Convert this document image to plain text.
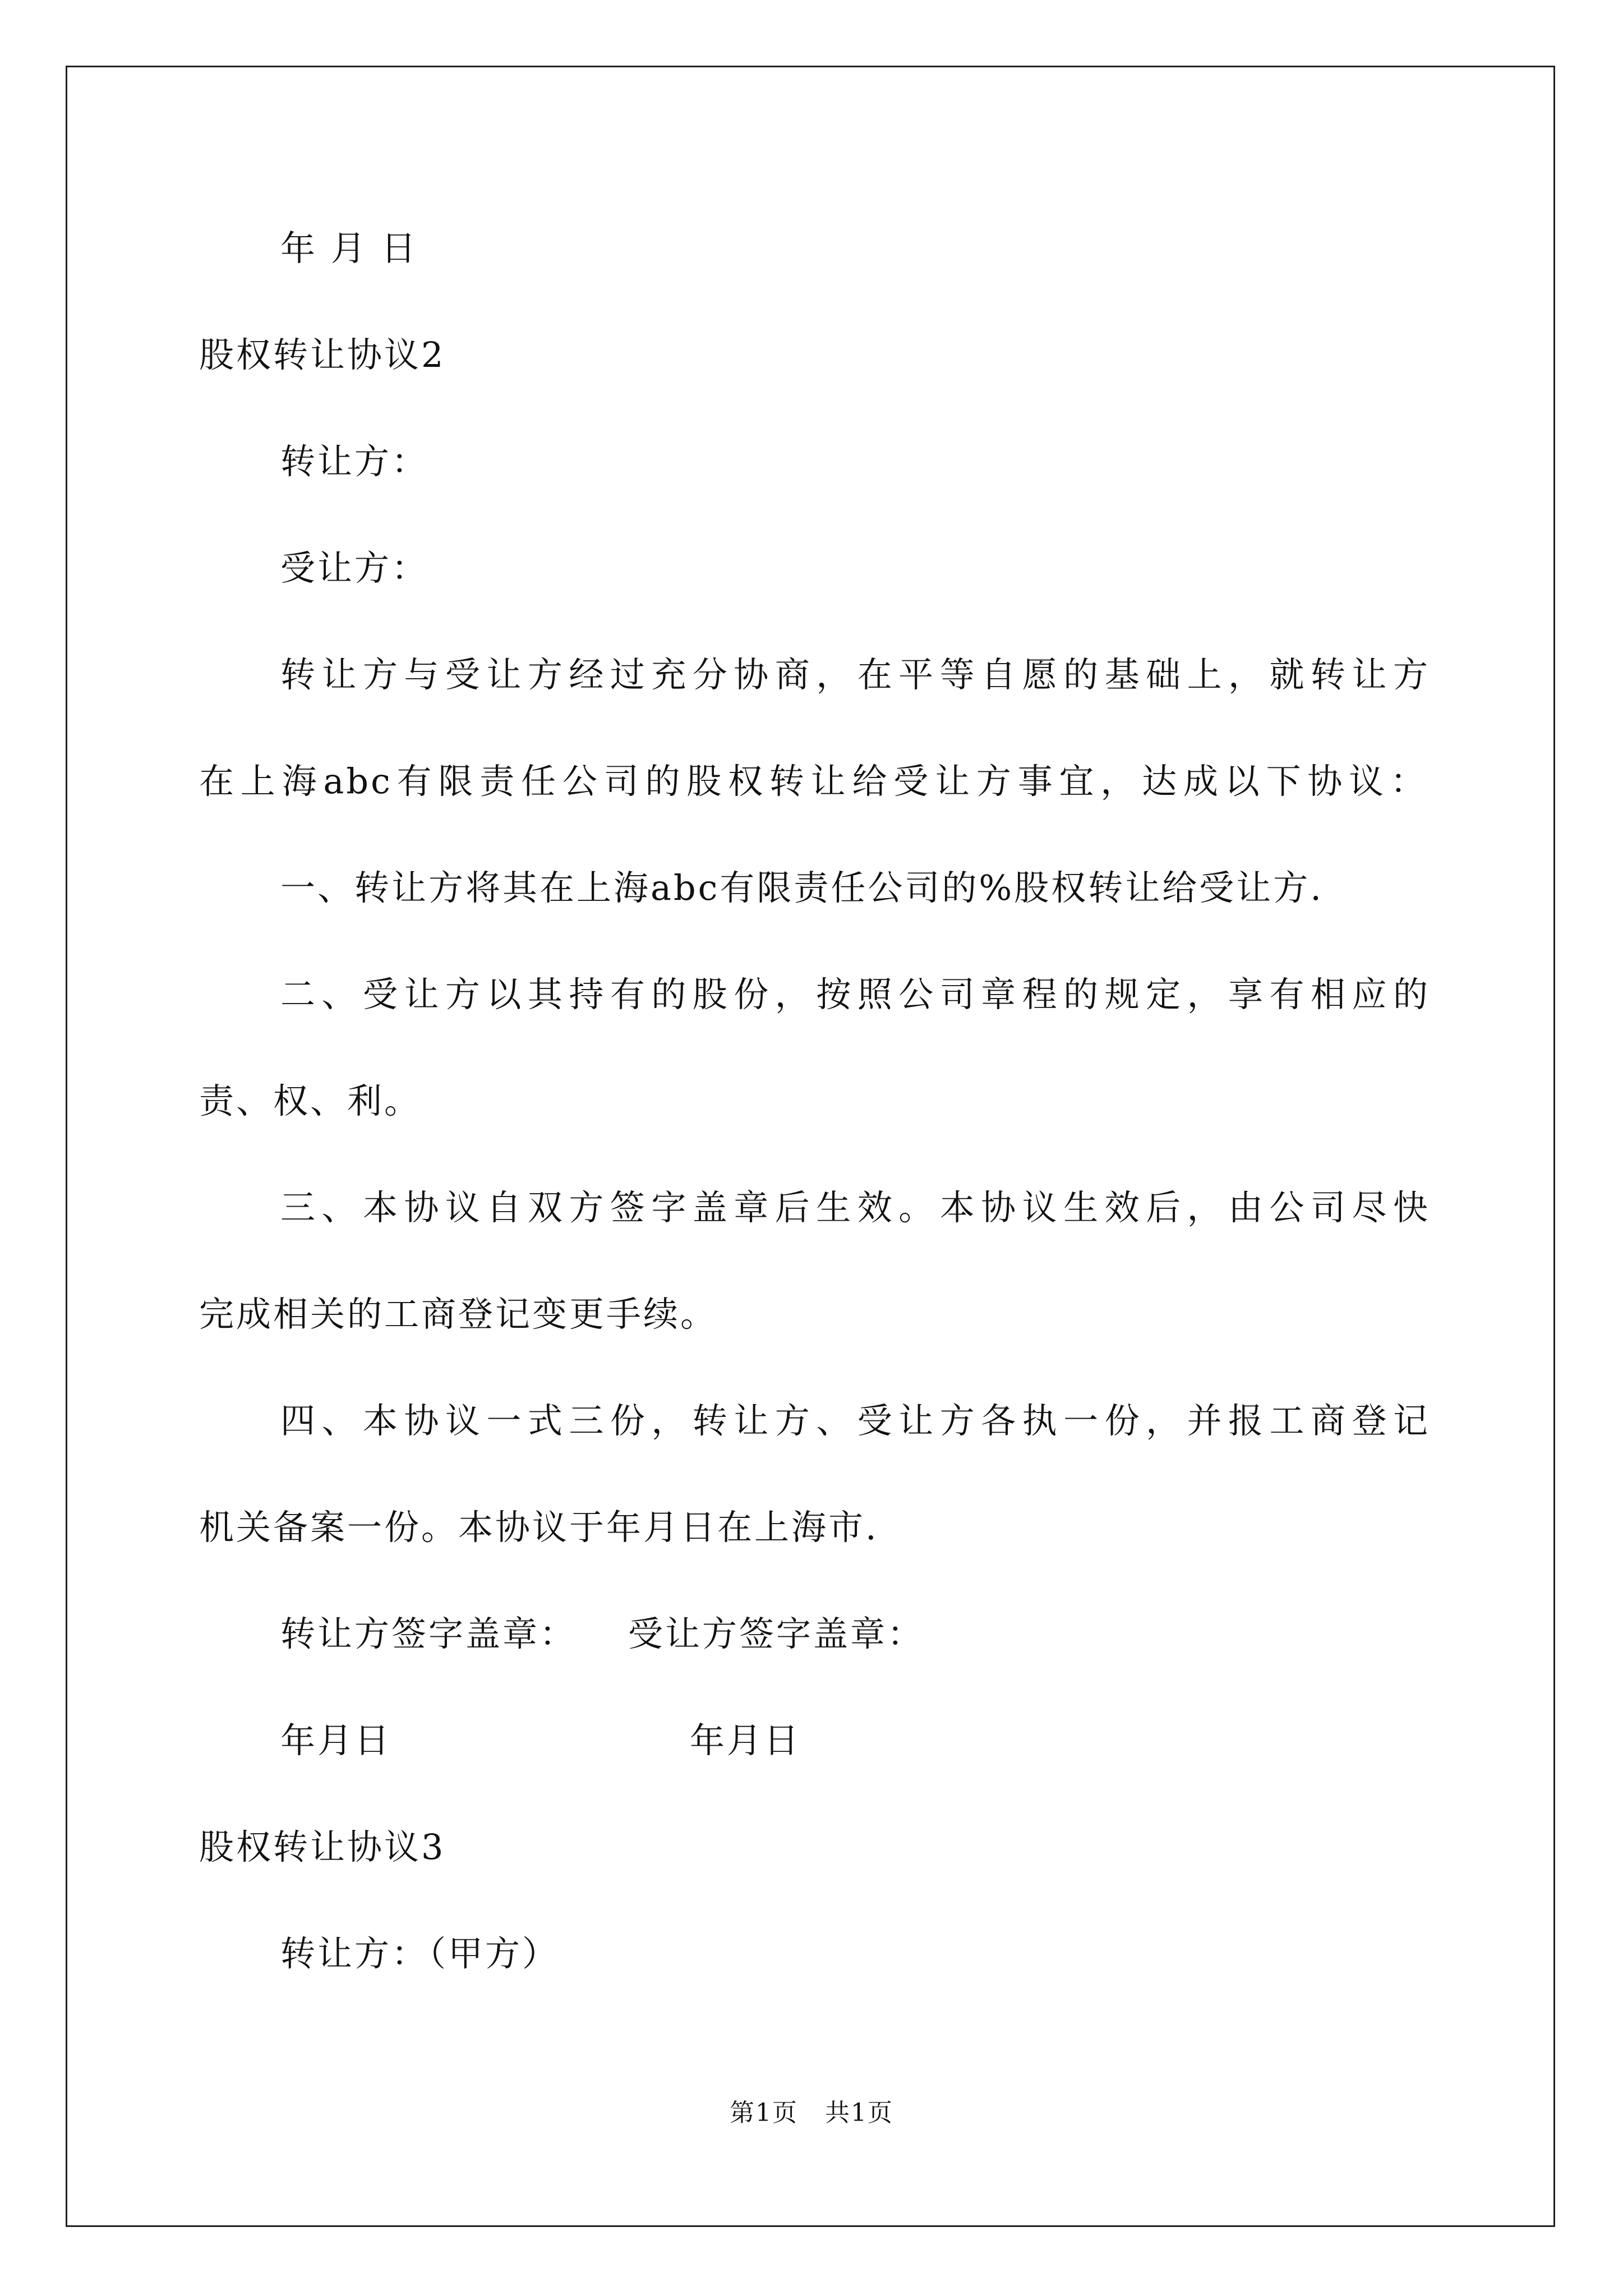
年 月 日
股权转让协议2
转让方：
受让方：
转让方与受让方经过充分协商，在平等自愿的基础上，就转让方
在上海abc有限责任公司的股权转让给受让方事宜，达成以下协议：
一、转让方将其在上海abc有限责任公司的%股权转让给受让方.
二、受让方以其持有的股份，按照公司章程的规定，享有相应的
责、权、利。
三、本协议自双方签字盖章后生效。本协议生效后，由公司尽快
完成相关的工商登记变更手续。
四、本协议一式三份，转让方、受让方各执一份，并报工商登记
机关备案一份。本协议于年月日在上海市.
转让方签字盖章： 受让方签字盖章：
年月日	年月日
股权转让协议3
转让方：（甲方）
第1页   共1页
